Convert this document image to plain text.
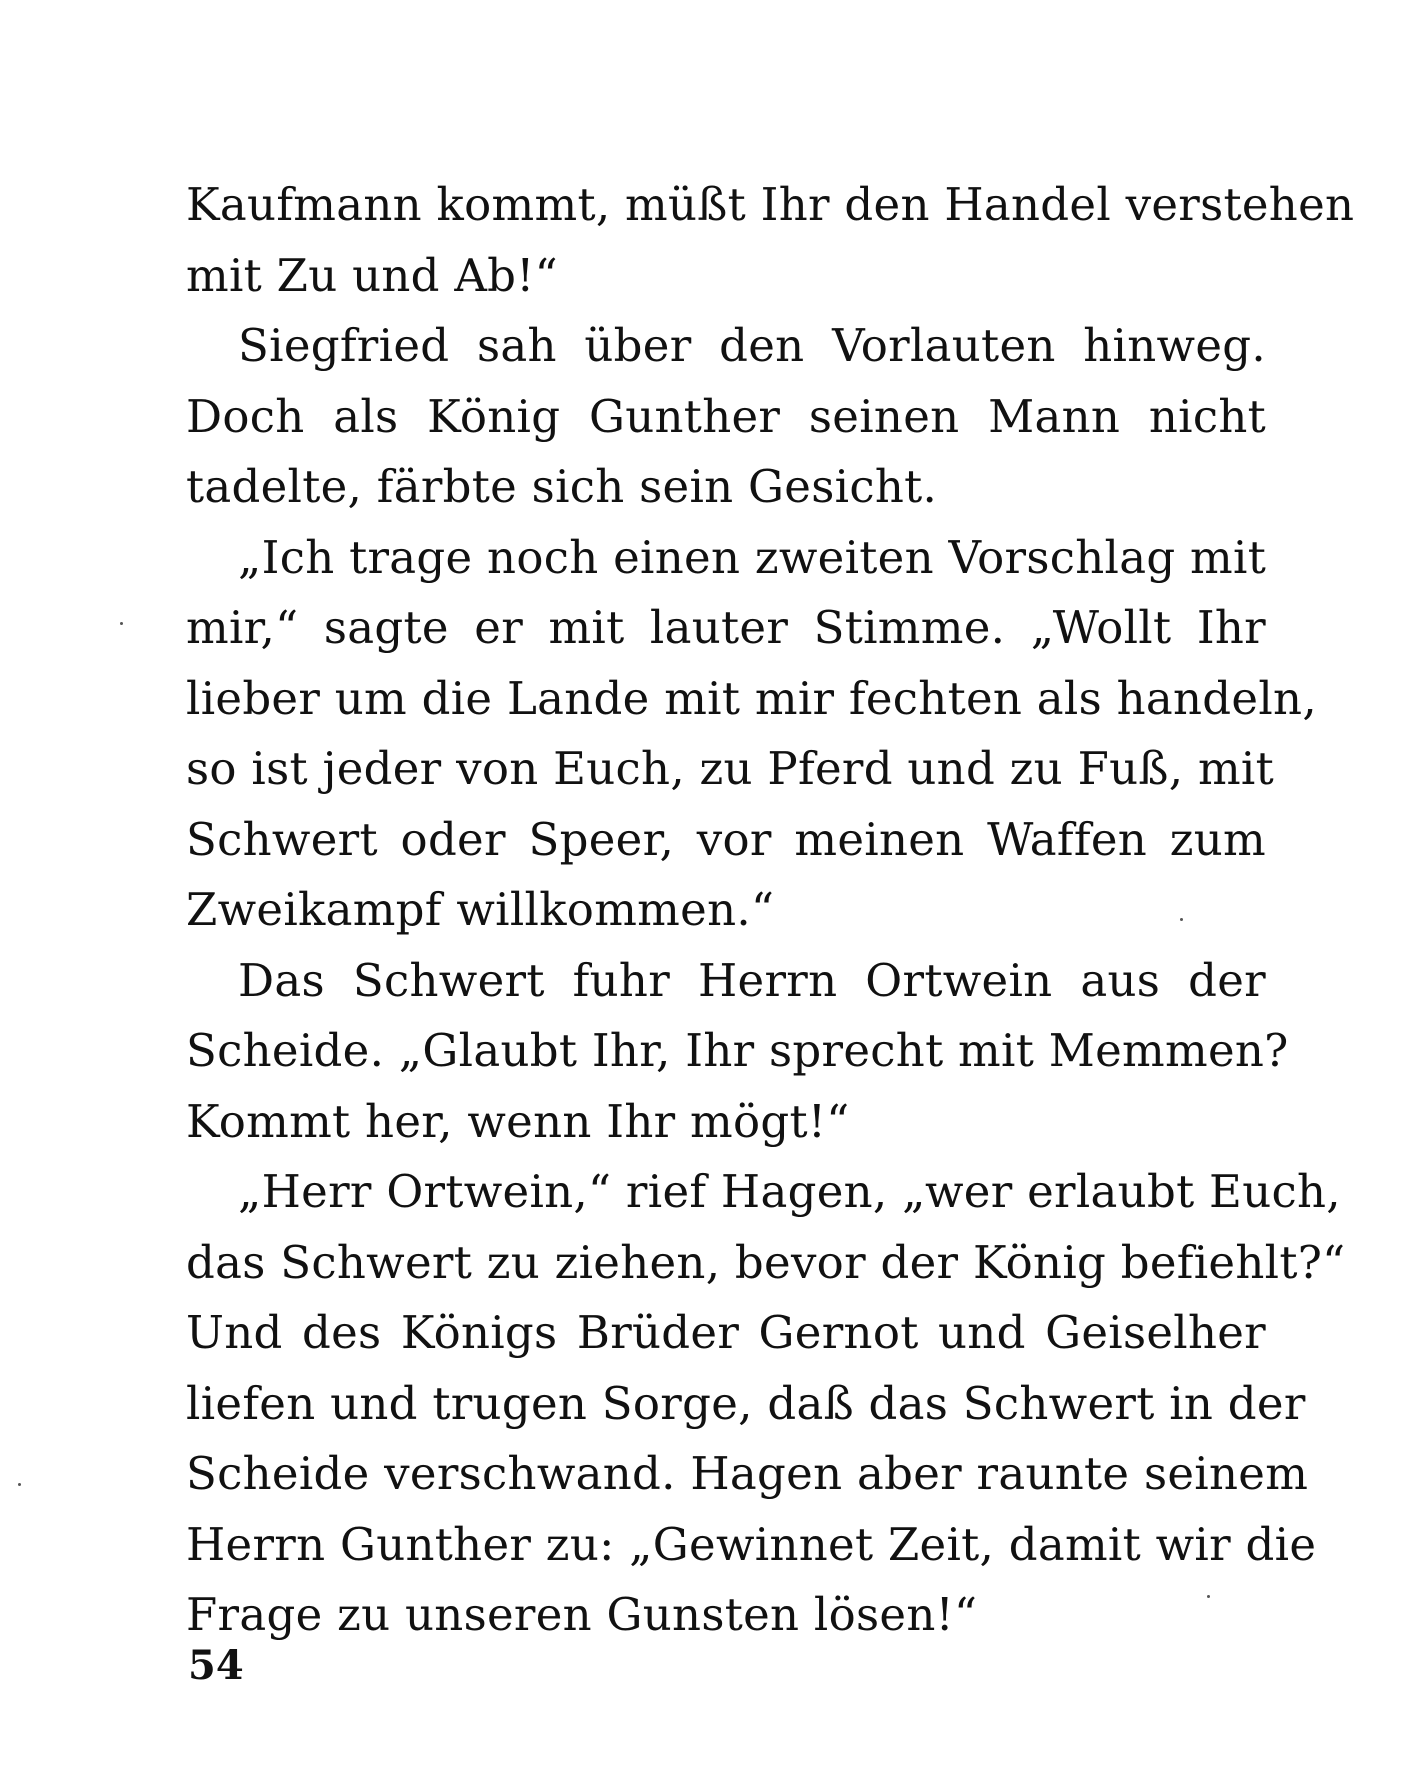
Kaufmann kommt, müßt Ihr den Handel verstehen
mit Zu und Ab!“
Siegfried sah über den Vorlauten hinweg.
Doch als König Gunther seinen Mann nicht
tadelte, färbte sich sein Gesicht.
„Ich trage noch einen zweiten Vorschlag mit
mir,“ sagte er mit lauter Stimme. „Wollt Ihr
lieber um die Lande mit mir fechten als handeln,
so ist jeder von Euch, zu Pferd und zu Fuß, mit
Schwert oder Speer, vor meinen Waffen zum
Zweikampf willkommen.“
Das Schwert fuhr Herrn Ortwein aus der
Scheide. „Glaubt Ihr, Ihr sprecht mit Memmen?
Kommt her, wenn Ihr mögt!“
„Herr Ortwein,“ rief Hagen, „wer erlaubt Euch,
das Schwert zu ziehen, bevor der König befiehlt?“
Und des Königs Brüder Gernot und Geiselher
liefen und trugen Sorge, daß das Schwert in der
Scheide verschwand. Hagen aber raunte seinem
Herrn Gunther zu: „Gewinnet Zeit, damit wir die
Frage zu unseren Gunsten lösen!“
54
